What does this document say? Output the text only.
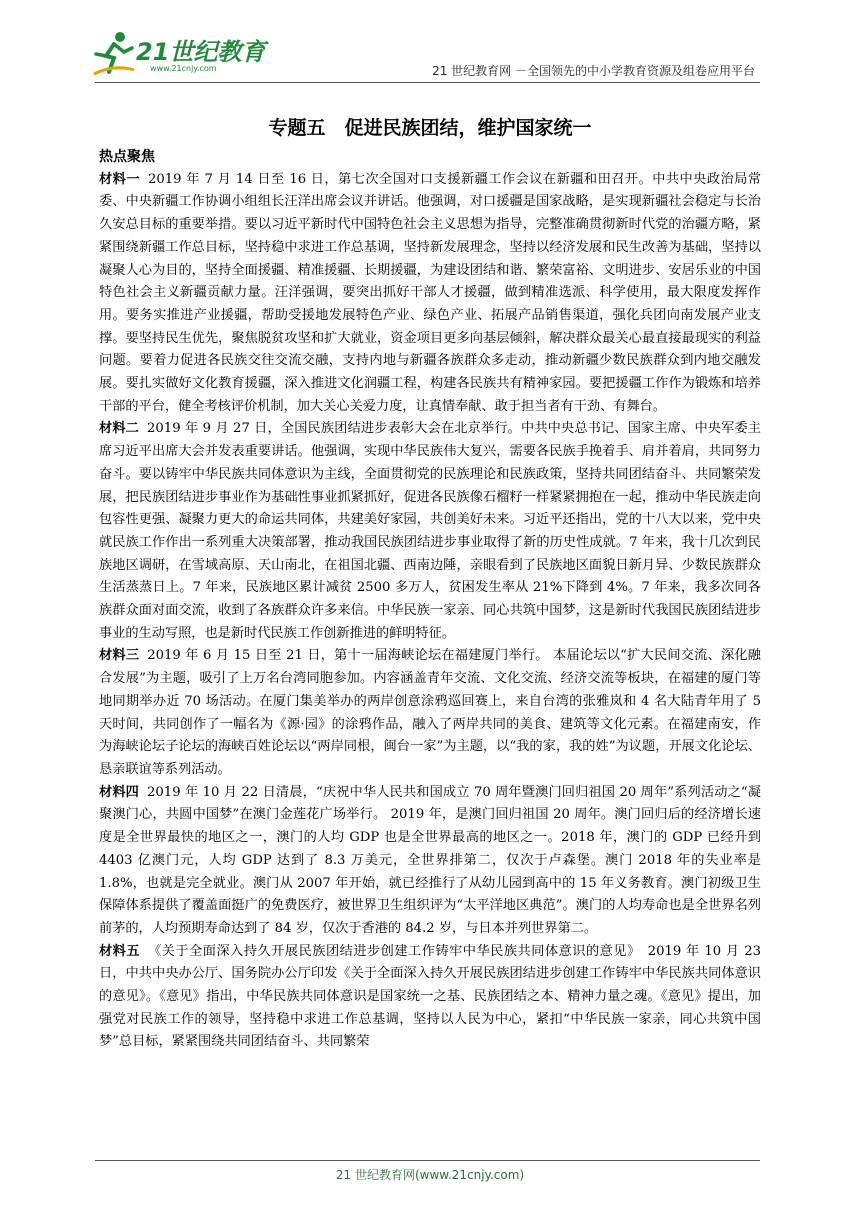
21世纪教育
www.21cnjy.com	21 世纪教育网 －全国领先的中小学教育资源及组卷应用平台
专题五　促进民族团结，维护国家统一

热点聚焦

材料一 2019 年 7 月 14 日至 16 日，第七次全国对口支援新疆工作会议在新疆和田召开。中共中央政治局常委、中央新疆工作协调小组组长汪洋出席会议并讲话。他强调，对口援疆是国家战略，是实现新疆社会稳定与长治久安总目标的重要举措。要以习近平新时代中国特色社会主义思想为指导，完整准确贯彻新时代党的治疆方略，紧紧围绕新疆工作总目标，坚持稳中求进工作总基调，坚持新发展理念，坚持以经济发展和民生改善为基础，坚持以凝聚人心为目的，坚持全面援疆、精准援疆、长期援疆，为建设团结和谐、繁荣富裕、文明进步、安居乐业的中国特色社会主义新疆贡献力量。汪洋强调，要突出抓好干部人才援疆，做到精准选派、科学使用，最大限度发挥作用。要务实推进产业援疆，帮助受援地发展特色产业、绿色产业、拓展产品销售渠道，强化兵团向南发展产业支撑。要坚持民生优先，聚焦脱贫攻坚和扩大就业，资金项目更多向基层倾斜，解决群众最关心最直接最现实的利益问题。要着力促进各民族交往交流交融，支持内地与新疆各族群众多走动，推动新疆少数民族群众到内地交融发展。要扎实做好文化教育援疆，深入推进文化润疆工程，构建各民族共有精神家园。要把援疆工作作为锻炼和培养干部的平台，健全考核评价机制，加大关心关爱力度，让真情奉献、敢于担当者有干劲、有舞台。

材料二 2019 年 9 月 27 日，全国民族团结进步表彰大会在北京举行。中共中央总书记、国家主席、中央军委主席习近平出席大会并发表重要讲话。他强调，实现中华民族伟大复兴，需要各民族手挽着手、肩并着肩，共同努力奋斗。要以铸牢中华民族共同体意识为主线，全面贯彻党的民族理论和民族政策，坚持共同团结奋斗、共同繁荣发展，把民族团结进步事业作为基础性事业抓紧抓好，促进各民族像石榴籽一样紧紧拥抱在一起，推动中华民族走向包容性更强、凝聚力更大的命运共同体，共建美好家园，共创美好未来。习近平还指出，党的十八大以来，党中央就民族工作作出一系列重大决策部署，推动我国民族团结进步事业取得了新的历史性成就。7 年来，我十几次到民族地区调研，在雪域高原、天山南北，在祖国北疆、西南边陲，亲眼看到了民族地区面貌日新月异、少数民族群众生活蒸蒸日上。7 年来，民族地区累计减贫 2500 多万人，贫困发生率从 21%下降到 4%。7 年来，我多次同各族群众面对面交流，收到了各族群众许多来信。中华民族一家亲、同心共筑中国梦，这是新时代我国民族团结进步事业的生动写照，也是新时代民族工作创新推进的鲜明特征。

材料三 2019 年 6 月 15 日至 21 日，第十一届海峡论坛在福建厦门举行。 本届论坛以“扩大民间交流、深化融合发展”为主题，吸引了上万名台湾同胞参加。内容涵盖青年交流、文化交流、经济交流等板块，在福建的厦门等地同期举办近 70 场活动。在厦门集美举办的两岸创意涂鸦巡回赛上，来自台湾的张雅岚和 4 名大陆青年用了 5 天时间，共同创作了一幅名为《源·园》的涂鸦作品，融入了两岸共同的美食、建筑等文化元素。在福建南安，作为海峡论坛子论坛的海峡百姓论坛以“两岸同根，闽台一家”为主题，以“我的家，我的姓”为议题，开展文化论坛、恳亲联谊等系列活动。

材料四 2019 年 10 月 22 日清晨，“庆祝中华人民共和国成立 70 周年暨澳门回归祖国 20 周年”系列活动之“凝聚澳门心，共圆中国梦”在澳门金莲花广场举行。 2019 年，是澳门回归祖国 20 周年。澳门回归后的经济增长速度是全世界最快的地区之一，澳门的人均 GDP 也是全世界最高的地区之一。2018 年，澳门的 GDP 已经升到 4403 亿澳门元，人均 GDP 达到了 8.3 万美元，全世界排第二，仅次于卢森堡。澳门 2018 年的失业率是 1.8%，也就是完全就业。澳门从 2007 年开始，就已经推行了从幼儿园到高中的 15 年义务教育。澳门初级卫生保障体系提供了覆盖面挺广的免费医疗，被世界卫生组织评为“太平洋地区典范”。澳门的人均寿命也是全世界名列前茅的，人均预期寿命达到了 84 岁，仅次于香港的 84.2 岁，与日本并列世界第二。

材料五 《关于全面深入持久开展民族团结进步创建工作铸牢中华民族共同体意识的意见》　2019 年 10 月 23 日，中共中央办公厅、国务院办公厅印发《关于全面深入持久开展民族团结进步创建工作铸牢中华民族共同体意识的意见》。《意见》指出，中华民族共同体意识是国家统一之基、民族团结之本、精神力量之魂。《意见》提出，加强党对民族工作的领导，坚持稳中求进工作总基调，坚持以人民为中心，紧扣“中华民族一家亲，同心共筑中国梦”总目标，紧紧围绕共同团结奋斗、共同繁荣

21 世纪教育网(www.21cnjy.com)
